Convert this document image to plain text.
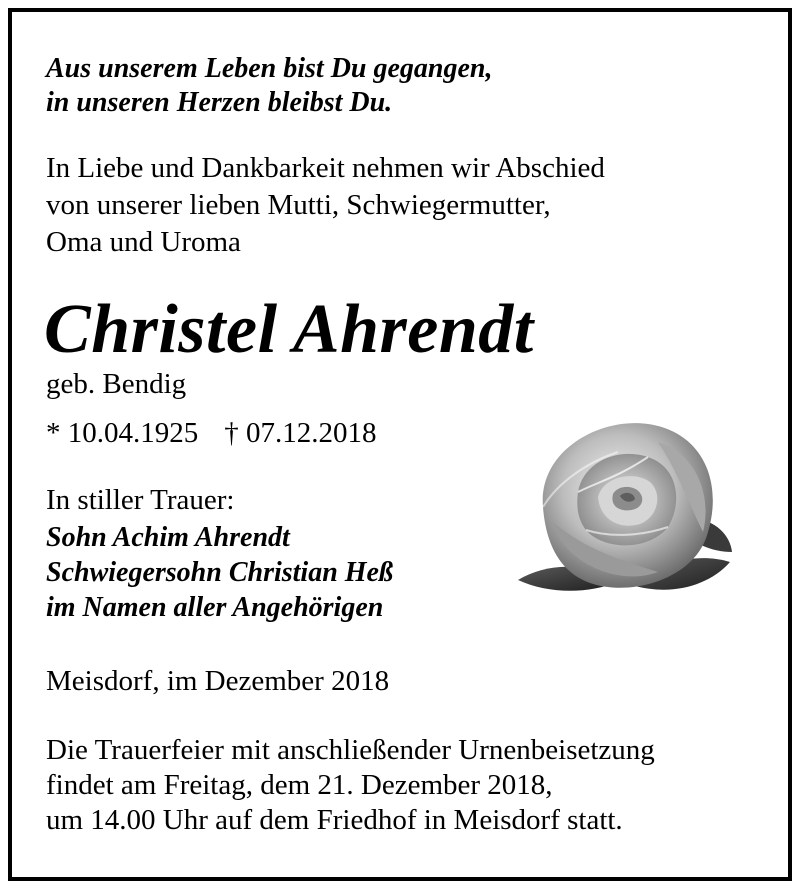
Aus unserem Leben bist Du gegangen,
in unseren Herzen bleibst Du.
In Liebe und Dankbarkeit nehmen wir Abschied
von unserer lieben Mutti, Schwiegermutter,
Oma und Uroma
Christel Ahrendt
geb. Bendig
* 10.04.1925 † 07.12.2018
In stiller Trauer:
Sohn Achim Ahrendt
Schwiegersohn Christian Heß
im Namen aller Angehörigen
Meisdorf, im Dezember 2018
Die Trauerfeier mit anschließender Urnenbeisetzung
findet am Freitag, dem 21. Dezember 2018,
um 14.00 Uhr auf dem Friedhof in Meisdorf statt.
